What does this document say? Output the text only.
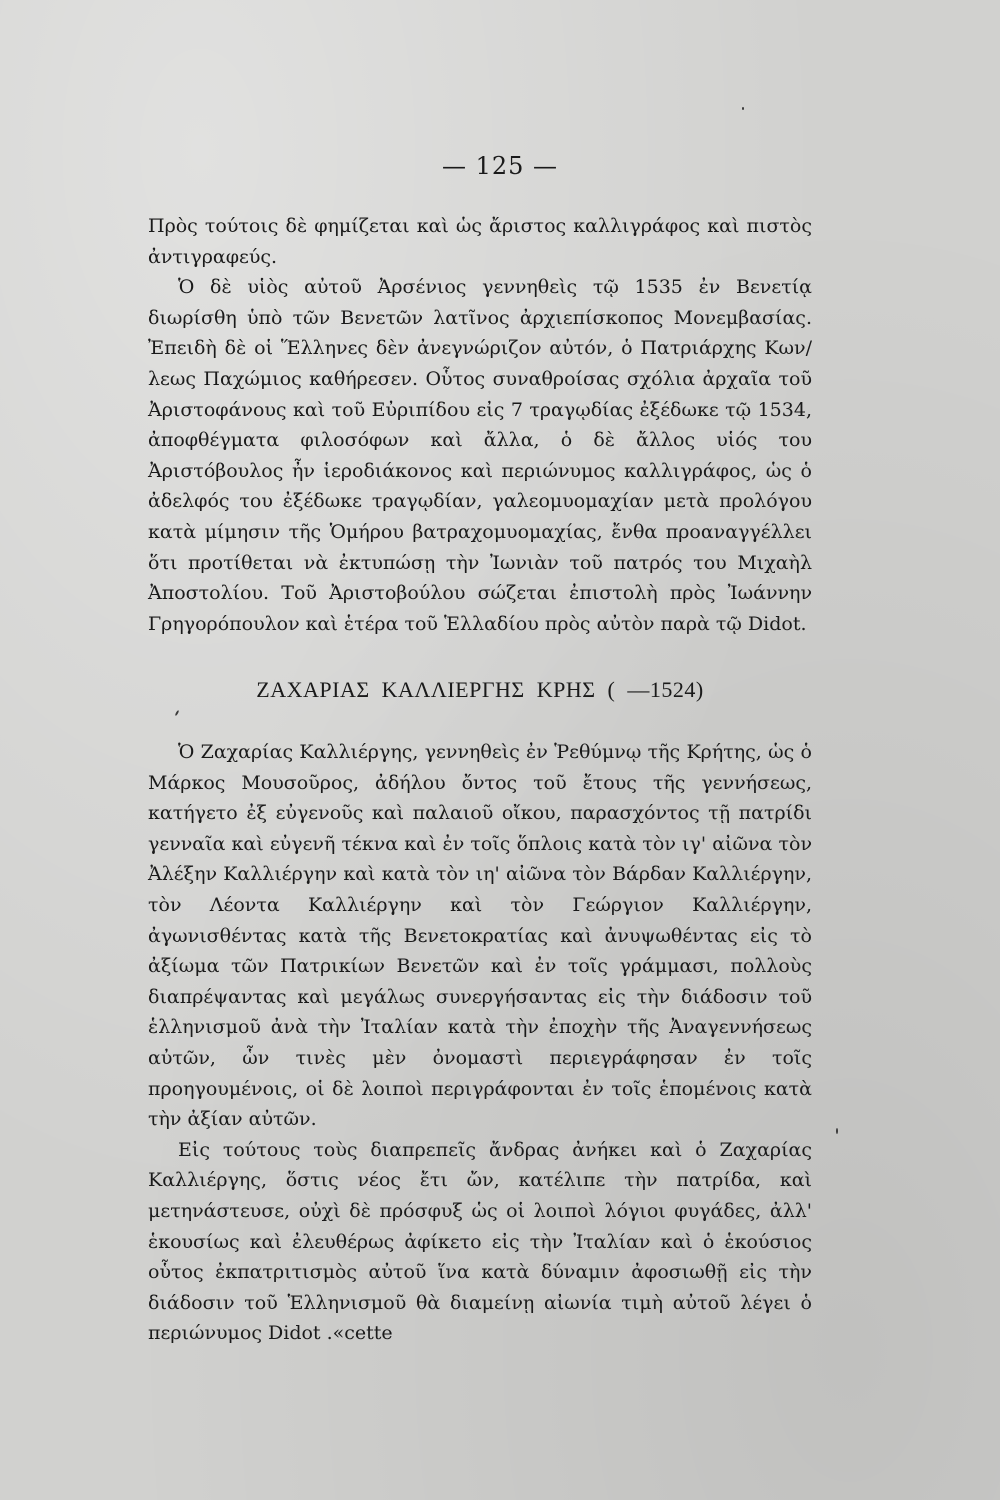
— 125 —

Πρὸς τούτοις δὲ φημίζεται καὶ ὡς ἄριστος καλλιγράφος καὶ πιστὸς ἀντιγραφεύς.

Ὁ δὲ υἱὸς αὐτοῦ Ἀρσένιος γεννηθεὶς τῷ 1535 ἐν Βενετίᾳ διωρίσθη ὑπὸ τῶν Βενετῶν λατῖνος ἀρχιεπίσκοπος Μονεμβασίας. Ἐπειδὴ δὲ οἱ Ἕλληνες δὲν ἀνεγνώριζον αὐτόν, ὁ Πατριάρχης Κων/λεως Παχώμιος καθήρεσεν. Οὗτος συναθροίσας σχόλια ἀρχαῖα τοῦ Ἀριστοφάνους καὶ τοῦ Εὐριπίδου εἰς 7 τραγῳδίας ἐξέδωκε τῷ 1534, ἀποφθέγματα φιλοσόφων καὶ ἄλλα, ὁ δὲ ἄλλος υἱός του Ἀριστόβουλος ἦν ἱεροδιάκονος καὶ περιώνυμος καλλιγράφος, ὡς ὁ ἀδελφός του ἐξέδωκε τραγῳδίαν, γαλεομυομαχίαν μετὰ προλόγου κατὰ μίμησιν τῆς Ὁμήρου βατραχομυομαχίας, ἔνθα προαναγγέλλει ὅτι προτίθεται νὰ ἐκτυπώσῃ τὴν Ἰωνιὰν τοῦ πατρός του Μιχαὴλ Ἀποστολίου. Τοῦ Ἀριστοβούλου σώζεται ἐπιστολὴ πρὸς Ἰωάννην Γρηγορόπουλον καὶ ἑτέρα τοῦ Ἑλλαδίου πρὸς αὐτὸν παρὰ τῷ Didot.

ΖΑΧΑΡΙΑΣ ΚΑΛΛΙΕΡΓΗΣ ΚΡΗΣ ( —1524)

Ὁ Ζαχαρίας Καλλιέργης, γεννηθεὶς ἐν Ῥεθύμνῳ τῆς Κρήτης, ὡς ὁ Μάρκος Μουσοῦρος, ἀδήλου ὄντος τοῦ ἔτους τῆς γεννήσεως, κατήγετο ἐξ εὐγενοῦς καὶ παλαιοῦ οἴκου, παρασχόντος τῇ πατρίδι γενναῖα καὶ εὐγενῆ τέκνα καὶ ἐν τοῖς ὅπλοις κατὰ τὸν ιγ' αἰῶνα τὸν Ἀλέξην Καλλιέργην καὶ κατὰ τὸν ιη' αἰῶνα τὸν Βάρδαν Καλλιέργην, τὸν Λέοντα Καλλιέργην καὶ τὸν Γεώργιον Καλλιέργην, ἀγωνισθέντας κατὰ τῆς Βενετοκρατίας καὶ ἀνυψωθέντας εἰς τὸ ἀξίωμα τῶν Πατρικίων Βενετῶν καὶ ἐν τοῖς γράμμασι, πολλοὺς διαπρέψαντας καὶ μεγάλως συνεργήσαντας εἰς τὴν διάδοσιν τοῦ ἑλληνισμοῦ ἀνὰ τὴν Ἰταλίαν κατὰ τὴν ἐποχὴν τῆς Ἀναγεννήσεως αὐτῶν, ὧν τινὲς μὲν ὀνομαστὶ περιεγράφησαν ἐν τοῖς προηγουμένοις, οἱ δὲ λοιποὶ περιγράφονται ἐν τοῖς ἑπομένοις κατὰ τὴν ἀξίαν αὐτῶν.

Εἰς τούτους τοὺς διαπρεπεῖς ἄνδρας ἀνήκει καὶ ὁ Ζαχαρίας Καλλιέργης, ὅστις νέος ἔτι ὤν, κατέλιπε τὴν πατρίδα, καὶ μετηνάστευσε, οὐχὶ δὲ πρόσφυξ ὡς οἱ λοιποὶ λόγιοι φυγάδες, ἀλλ' ἑκουσίως καὶ ἐλευθέρως ἀφίκετο εἰς τὴν Ἰταλίαν καὶ ὁ ἑκούσιος οὗτος ἐκπατριτισμὸς αὐτοῦ ἵνα κατὰ δύναμιν ἀφοσιωθῇ εἰς τὴν διάδοσιν τοῦ Ἑλληνισμοῦ θὰ διαμείνῃ αἰωνία τιμὴ αὐτοῦ λέγει ὁ περιώνυμος Didot .«cette
